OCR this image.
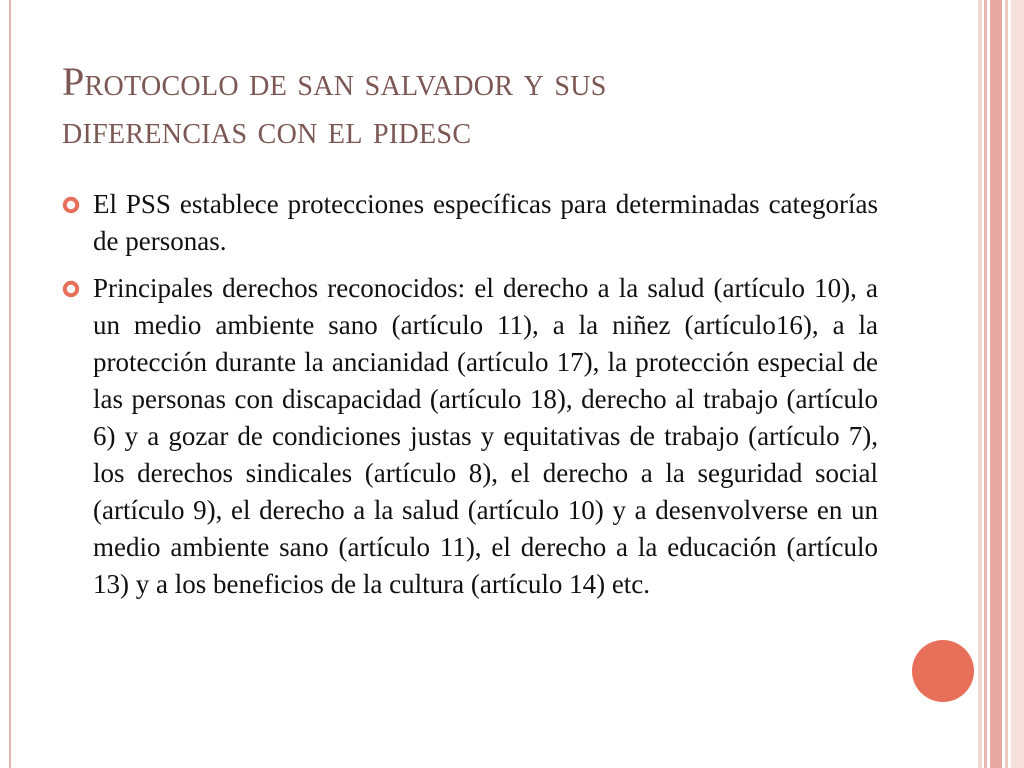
Protocolo de san salvador y sus
diferencias con el pidesc
El PSS establece protecciones específicas para determinadas categorías de personas.
Principales derechos reconocidos: el derecho a la salud (artículo 10), a un medio ambiente sano (artículo 11), a la niñez (artículo16), a la protección durante la ancianidad (artículo 17), la protección especial de las personas con discapacidad (artículo 18), derecho al trabajo (artículo 6) y a gozar de condiciones justas y equitativas de trabajo (artículo 7), los derechos sindicales (artículo 8), el derecho a la seguridad social (artículo 9), el derecho a la salud (artículo 10) y a desenvolverse en un medio ambiente sano (artículo 11), el derecho a la educación (artículo 13) y a los beneficios de la cultura (artículo 14) etc.
